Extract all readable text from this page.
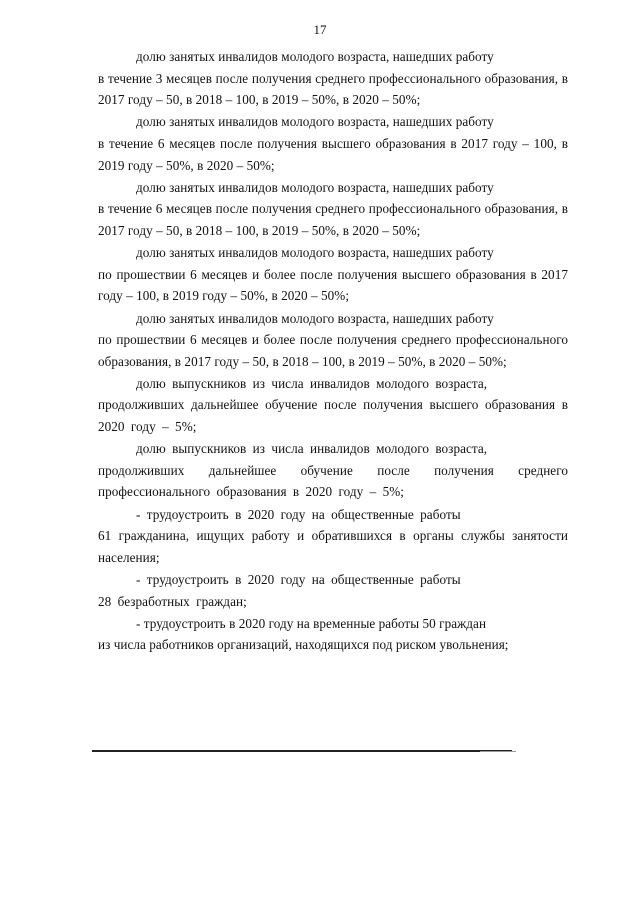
17

долю занятых инвалидов молодого возраста, нашедших работу
в течение 3 месяцев после получения среднего профессионального образования, в 2017 году – 50, в 2018 – 100, в 2019 – 50%, в 2020 – 50%;

долю занятых инвалидов молодого возраста, нашедших работу
в течение 6 месяцев после получения высшего образования в 2017 году – 100, в 2019 году – 50%, в 2020 – 50%;

долю занятых инвалидов молодого возраста, нашедших работу
в течение 6 месяцев после получения среднего профессионального образования, в 2017 году – 50, в 2018 – 100, в 2019 – 50%, в 2020 – 50%;

долю занятых инвалидов молодого возраста, нашедших работу
по прошествии 6 месяцев и более после получения высшего образования в 2017 году – 100, в 2019 году – 50%, в 2020 – 50%;

долю занятых инвалидов молодого возраста, нашедших работу
по прошествии 6 месяцев и более после получения среднего профессионального образования, в 2017 году – 50, в 2018 – 100, в 2019 – 50%, в 2020 – 50%;

долю выпускников из числа инвалидов молодого возраста,
продолживших дальнейшее обучение после получения высшего образования в 2020 году – 5%;

долю выпускников из числа инвалидов молодого возраста,
продолживших дальнейшее обучение после получения среднего профессионального образования в 2020 году – 5%;

- трудоустроить в 2020 году на общественные работы
61 гражданина, ищущих работу и обратившихся в органы службы занятости населения;

- трудоустроить в 2020 году на общественные работы
28 безработных граждан;

- трудоустроить в 2020 году на временные работы 50 граждан
из числа работников организаций, находящихся под риском увольнения;
